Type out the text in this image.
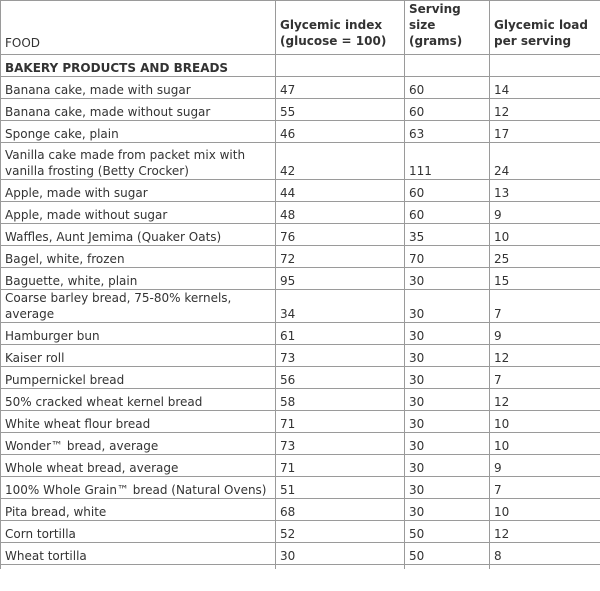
FOOD	Glycemic index (glucose = 100)	Serving size (grams)	Glycemic load per serving
BAKERY PRODUCTS AND BREADS			
Banana cake, made with sugar	47	60	14
Banana cake, made without sugar	55	60	12
Sponge cake, plain	46	63	17
Vanilla cake made from packet mix with vanilla frosting (Betty Crocker)	42	111	24
Apple, made with sugar	44	60	13
Apple, made without sugar	48	60	9
Waffles, Aunt Jemima (Quaker Oats)	76	35	10
Bagel, white, frozen	72	70	25
Baguette, white, plain	95	30	15
Coarse barley bread, 75-80% kernels, average	34	30	7
Hamburger bun	61	30	9
Kaiser roll	73	30	12
Pumpernickel bread	56	30	7
50% cracked wheat kernel bread	58	30	12
White wheat flour bread	71	30	10
Wonder™ bread, average	73	30	10
Whole wheat bread, average	71	30	9
100% Whole Grain™ bread (Natural Ovens)	51	30	7
Pita bread, white	68	30	10
Corn tortilla	52	50	12
Wheat tortilla	30	50	8
